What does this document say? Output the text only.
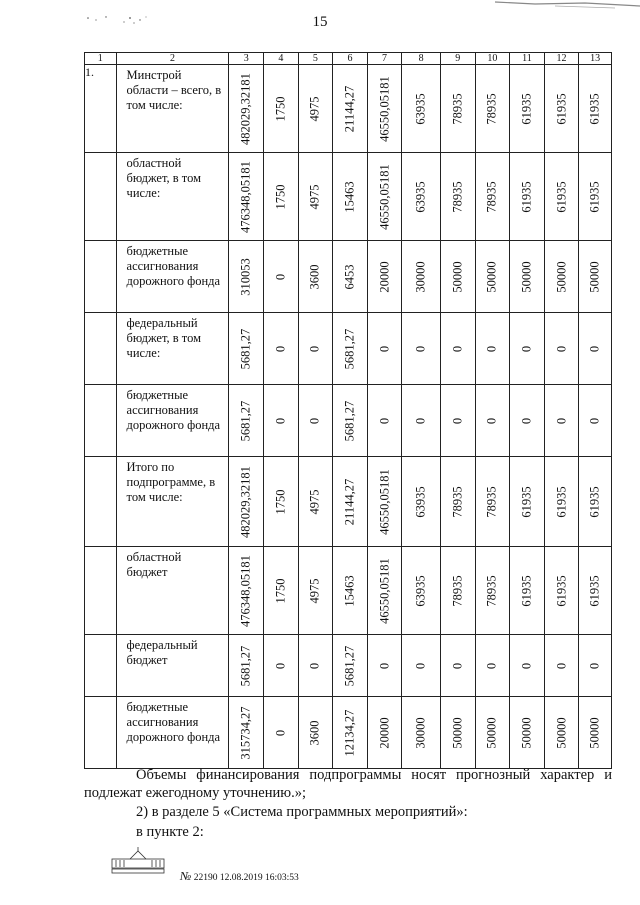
15
1	2	3	4	5	6	7	8	9	10	11	12	13
1.	Минстрой области – всего, в том числе:	482029,32181	1750	4975	21144,27	46550,05181	63935	78935	78935	61935	61935	61935

	областной бюджет, в том числе:	476348,05181	1750	4975	15463	46550,05181	63935	78935	78935	61935	61935	61935

	бюджетные ассигнования дорожного фонда	310053	0	3600	6453	20000	30000	50000	50000	50000	50000	50000

	федеральный бюджет, в том числе:	5681,27	0	0	5681,27	0	0	0	0	0	0	0

	бюджетные ассигнования дорожного фонда	5681,27	0	0	5681,27	0	0	0	0	0	0	0

	Итого по подпрограмме, в том числе:	482029,32181	1750	4975	21144,27	46550,05181	63935	78935	78935	61935	61935	61935

	областной бюджет	476348,05181	1750	4975	15463	46550,05181	63935	78935	78935	61935	61935	61935

	федеральный бюджет	5681,27	0	0	5681,27	0	0	0	0	0	0	0

	бюджетные ассигнования дорожного фонда	315734,27	0	3600	12134,27	20000	30000	50000	50000	50000	50000	50000
Объемы финансирования подпрограммы носят прогнозный характер и подлежат ежегодному уточнению.»;
2) в разделе 5 «Система программных мероприятий»:
в пункте 2:
№ 22190 12.08.2019 16:03:53
